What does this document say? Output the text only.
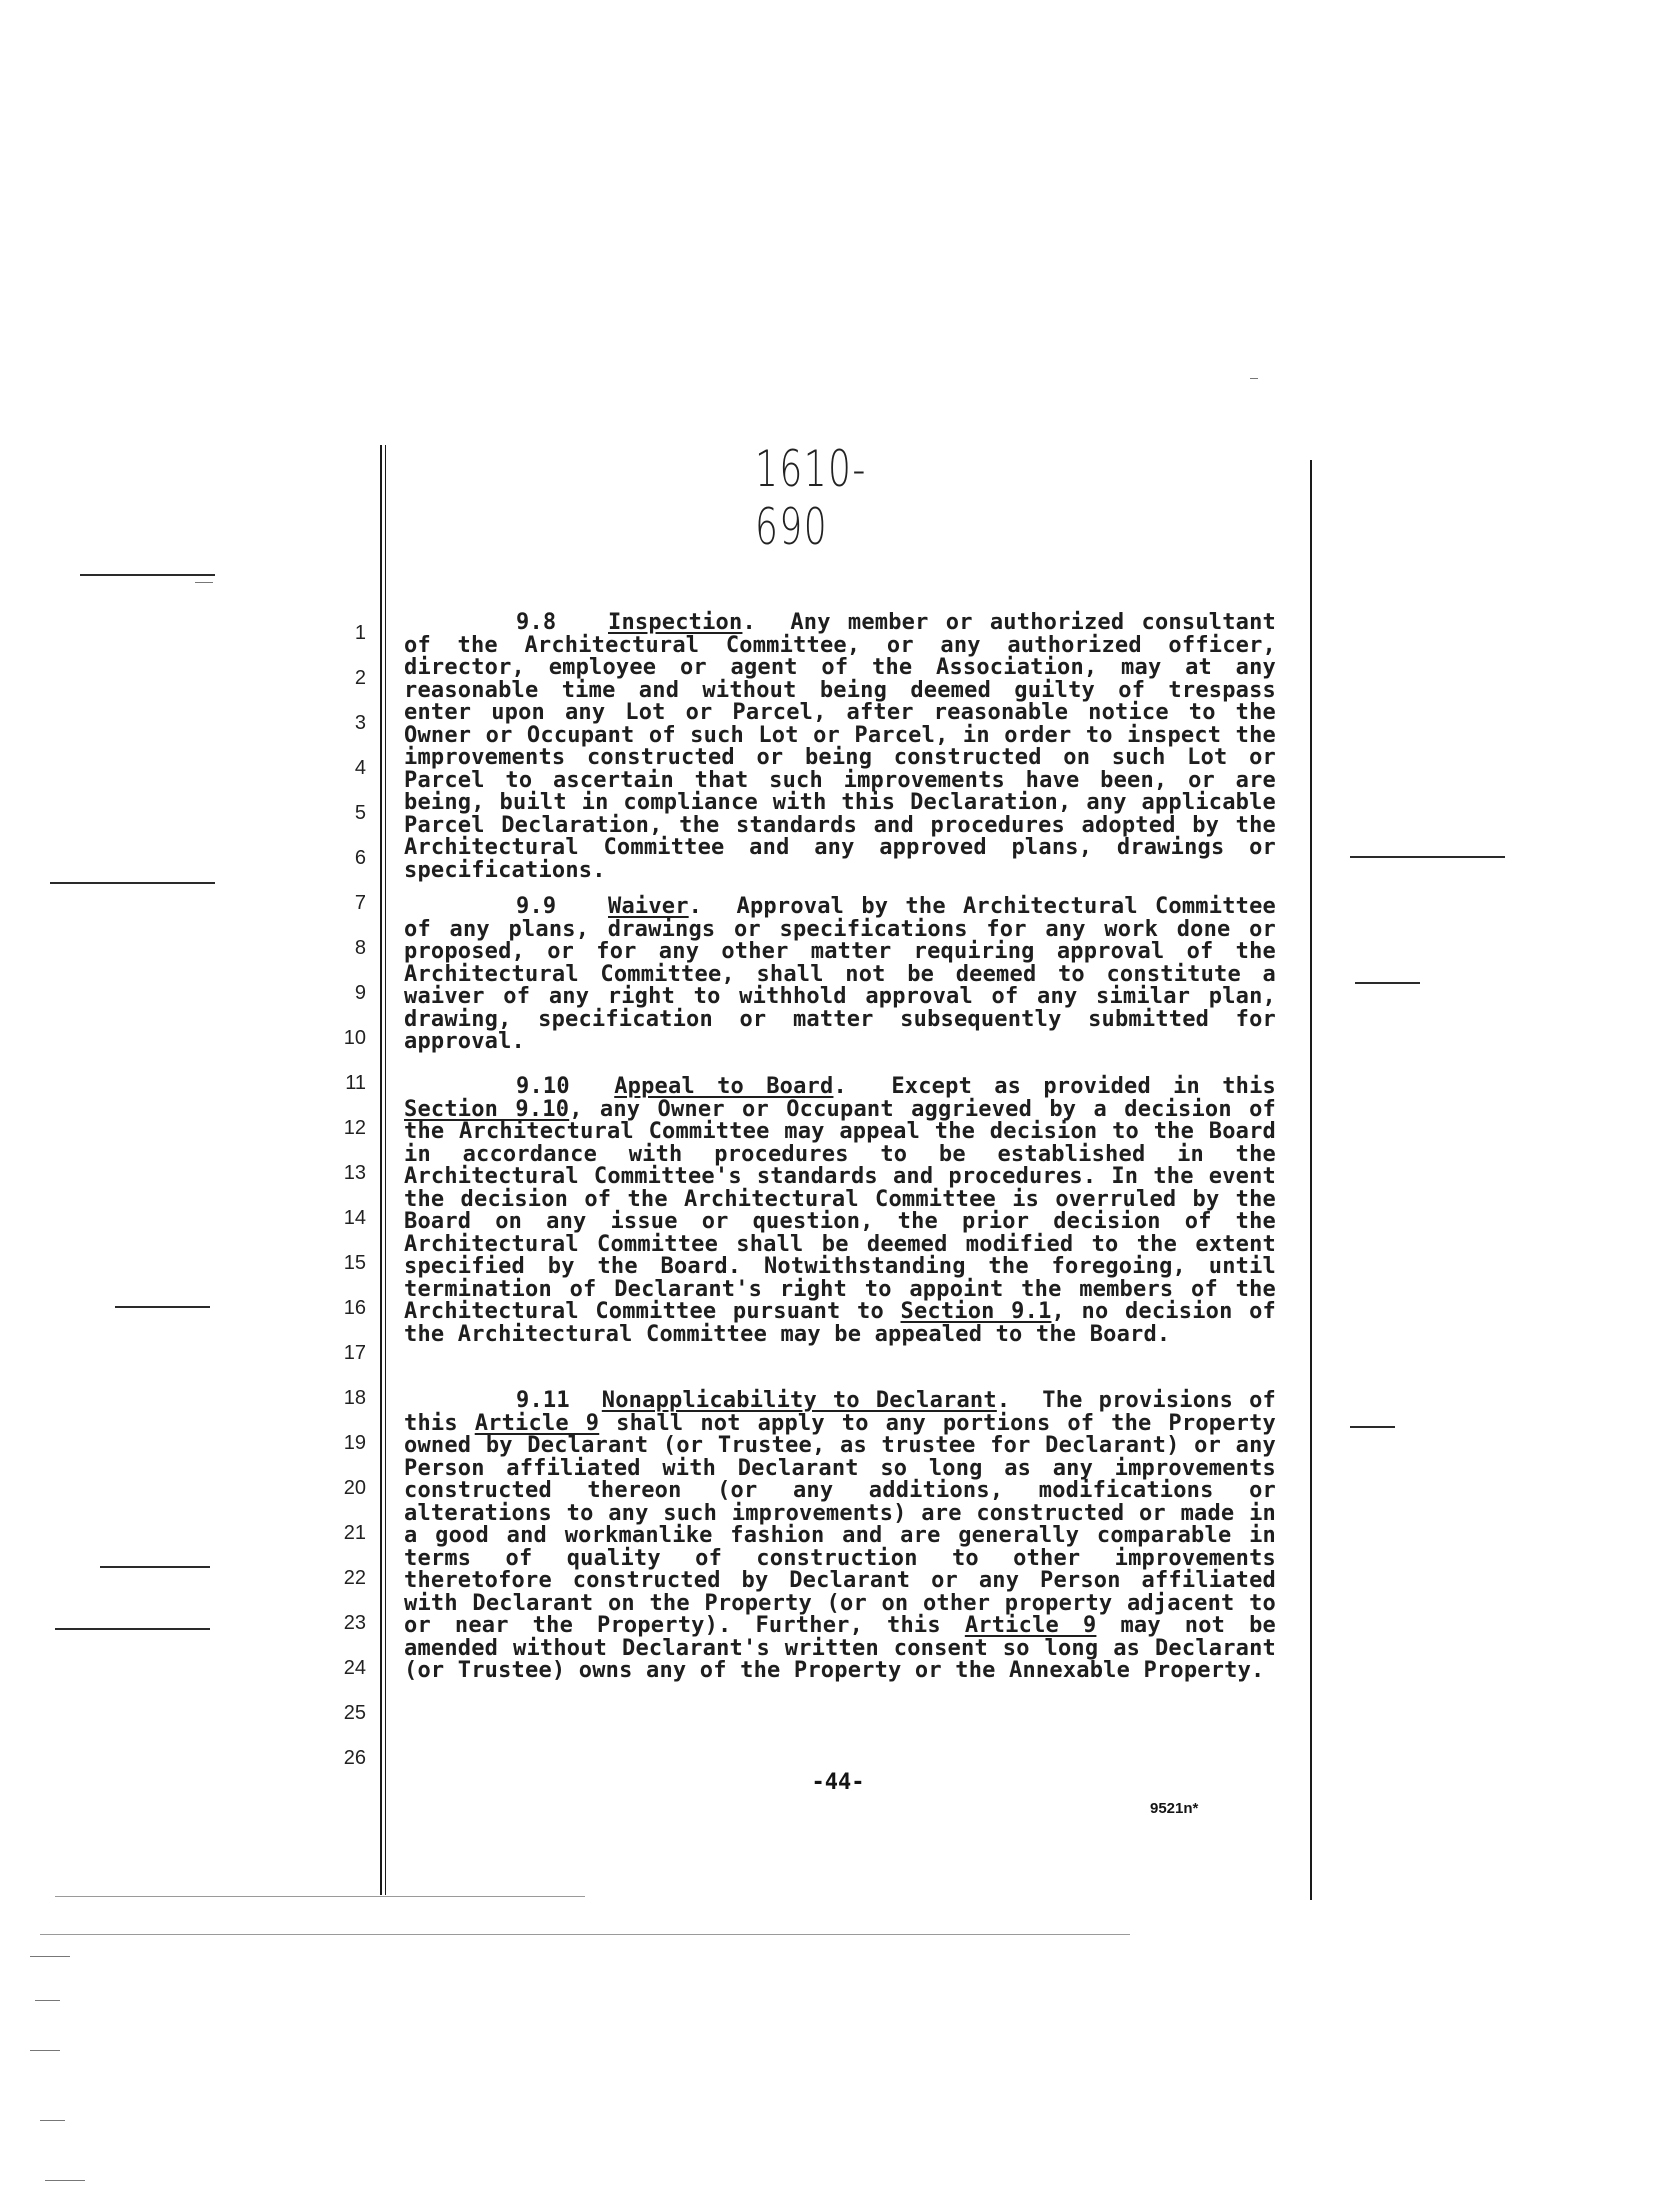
1610-690
1
2
3
4
5
6
7
8
9
10
11
12
13
14
15
16
17
18
19
20
21
22
23
24
25
26

9.8 Inspection.  Any member or authorized consultant of the Architectural Committee, or any authorized officer, director, employee or agent of the Association, may at any reasonable time and without being deemed guilty of trespass enter upon any Lot or Parcel, after reasonable notice to the Owner or Occupant of such Lot or Parcel, in order to inspect the improvements constructed or being constructed on such Lot or Parcel to ascertain that such improvements have been, or are being, built in compliance with this Declaration, any applicable Parcel Declaration, the standards and procedures adopted by the Architectural Committee and any approved plans, drawings or specifications.

9.9 Waiver.  Approval by the Architectural Committee of any plans, drawings or specifications for any work done or proposed, or for any other matter requiring approval of the Architectural Committee, shall not be deemed to constitute a waiver of any right to withhold approval of any similar plan, drawing, specification or matter subsequently submitted for approval.

9.10 Appeal to Board.  Except as provided in this Section 9.10, any Owner or Occupant aggrieved by a decision of the Architectural Committee may appeal the decision to the Board in accordance with procedures to be established in the Architectural Committee's standards and procedures. In the event the decision of the Architectural Committee is overruled by the Board on any issue or question, the prior decision of the Architectural Committee shall be deemed modified to the extent specified by the Board. Notwithstanding the foregoing, until termination of Declarant's right to appoint the members of the Architectural Committee pursuant to Section 9.1, no decision of the Architectural Committee may be appealed to the Board.

9.11 Nonapplicability to Declarant.  The provisions of this Article 9 shall not apply to any portions of the Property owned by Declarant (or Trustee, as trustee for Declarant) or any Person affiliated with Declarant so long as any improvements constructed thereon (or any additions, modifications or alterations to any such improvements) are constructed or made in a good and workmanlike fashion and are generally comparable in terms of quality of construction to other improvements theretofore constructed by Declarant or any Person affiliated with Declarant on the Property (or on other property adjacent to or near the Property). Further, this Article 9 may not be amended without Declarant's written consent so long as Declarant (or Trustee) owns any of the Property or the Annexable Property.

-44-
9521n*
